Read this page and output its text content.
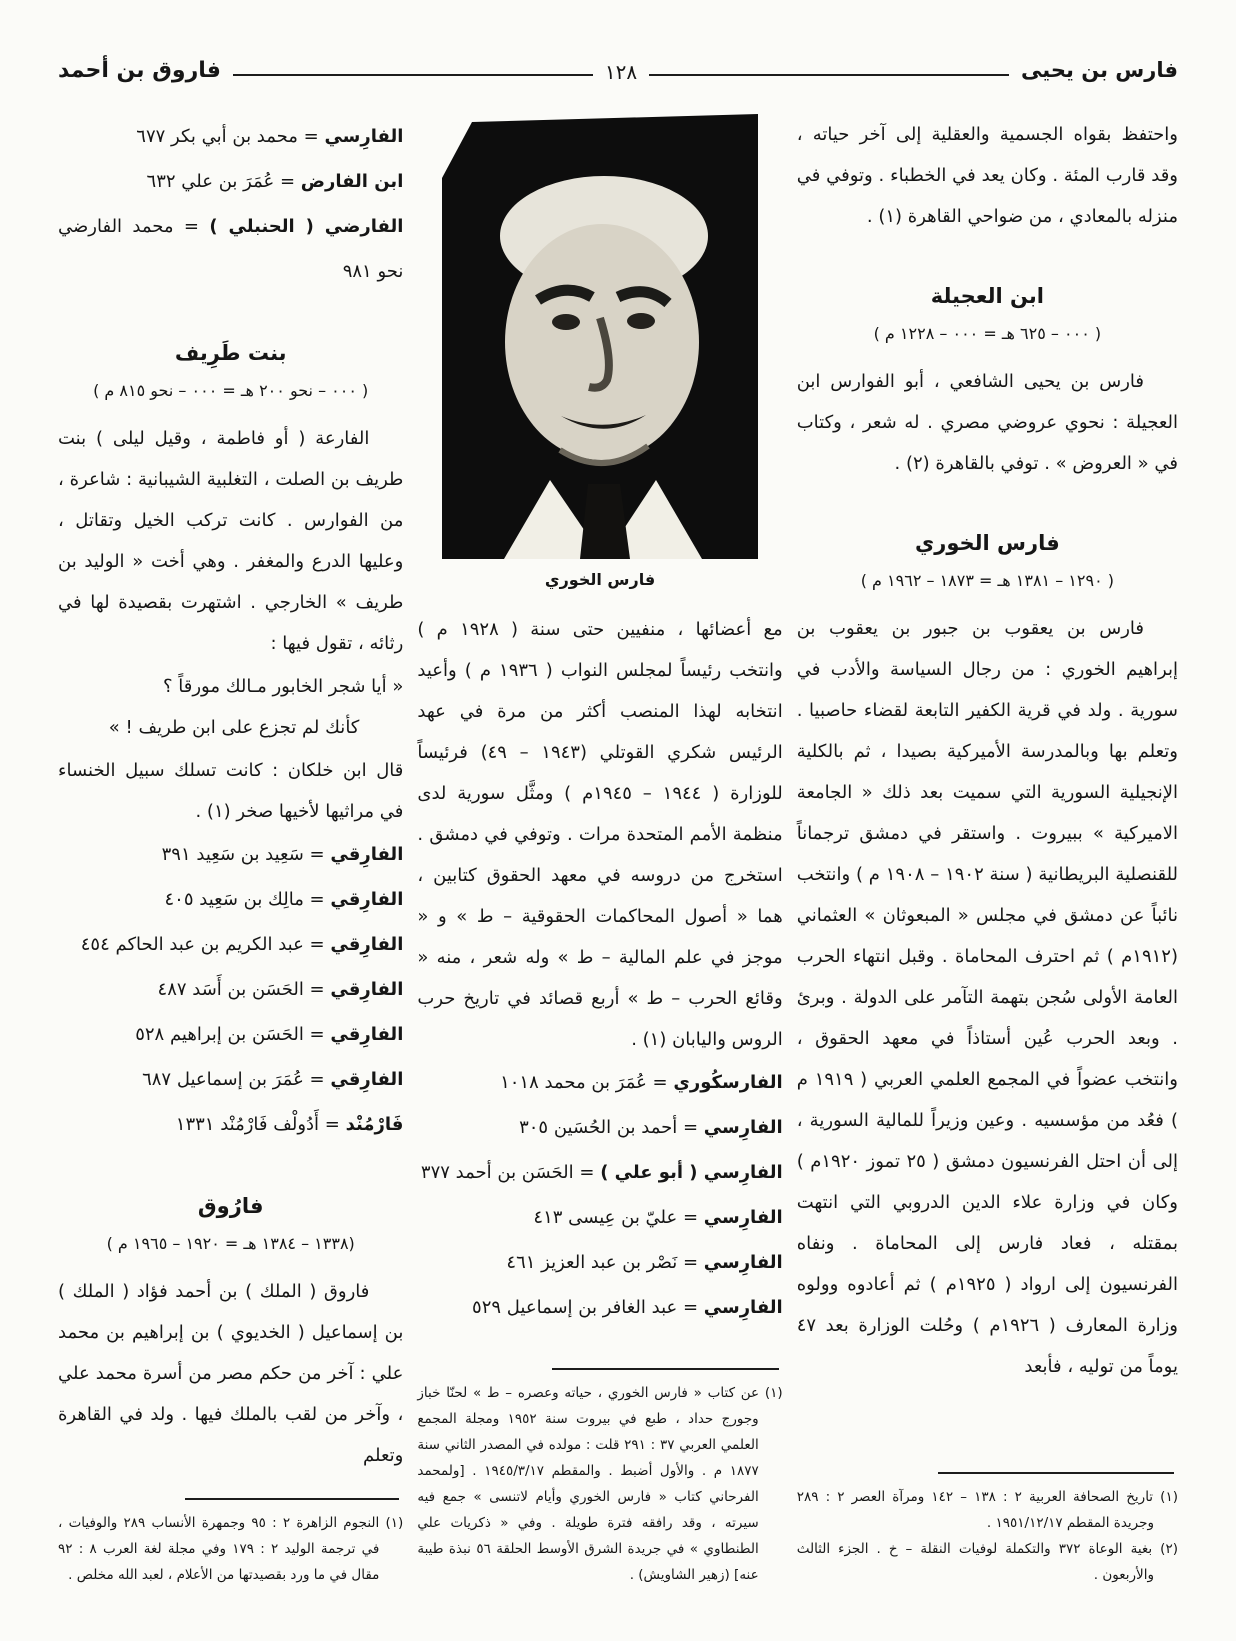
فارس بن يحيى
١٢٨
فاروق بن أحمد
واحتفظ بقواه الجسمية والعقلية إلى آخر حياته ، وقد قارب المئة . وكان يعد في الخطباء . وتوفي في منزله بالمعادي ، من ضواحي القاهرة (١) .
ابن العجيلة
( ٠٠٠ – ٦٢٥ هـ = ٠٠٠ – ١٢٢٨ م )
فارس بن يحيى الشافعي ، أبو الفوارس ابن العجيلة : نحوي عروضي مصري . له شعر ، وكتاب في « العروض » . توفي بالقاهرة (٢) .
فارس الخوري
( ١٢٩٠ – ١٣٨١ هـ = ١٨٧٣ – ١٩٦٢ م )
فارس بن يعقوب بن جبور بن يعقوب بن إبراهيم الخوري : من رجال السياسة والأدب في سورية . ولد في قرية الكفير التابعة لقضاء حاصبيا . وتعلم بها وبالمدرسة الأميركية بصيدا ، ثم بالكلية الإنجيلية السورية التي سميت بعد ذلك « الجامعة الاميركية » ببيروت . واستقر في دمشق ترجماناً للقنصلية البريطانية ( سنة ١٩٠٢ – ١٩٠٨ م ) وانتخب نائباً عن دمشق في مجلس « المبعوثان » العثماني (١٩١٢م ) ثم احترف المحاماة . وقبل انتهاء الحرب العامة الأولى سُجن بتهمة التآمر على الدولة . وبرئ . وبعد الحرب عُين أستاذاً في معهد الحقوق ، وانتخب عضواً في المجمع العلمي العربي ( ١٩١٩ م ) فعُد من مؤسسيه . وعين وزيراً للمالية السورية ، إلى أن احتل الفرنسيون دمشق ( ٢٥ تموز ١٩٢٠م ) وكان في وزارة علاء الدين الدروبي التي انتهت بمقتله ، فعاد فارس إلى المحاماة . ونفاه الفرنسيون إلى ارواد ( ١٩٢٥م ) ثم أعادوه وولوه وزارة المعارف ( ١٩٢٦م ) وحُلت الوزارة بعد ٤٧ يوماً من توليه ، فأبعد
(١) تاريخ الصحافة العربية ٢ : ١٣٨ – ١٤٢ ومرآة العصر ٢ : ٢٨٩ وجريدة المقطم ١٩٥١/١٢/١٧ .
(٢) بغية الوعاة ٣٧٢ والتكملة لوفيات النقلة – خ . الجزء الثالث والأربعون .
فارس الخوري
مع أعضائها ، منفيين حتى سنة ( ١٩٢٨ م ) وانتخب رئيساً لمجلس النواب ( ١٩٣٦ م ) وأعيد انتخابه لهذا المنصب أكثر من مرة في عهد الرئيس شكري القوتلي (١٩٤٣ – ٤٩) فرئيساً للوزارة ( ١٩٤٤ – ١٩٤٥م ) ومثَّل سورية لدى منظمة الأمم المتحدة مرات . وتوفي في دمشق . استخرج من دروسه في معهد الحقوق كتابين ، هما « أصول المحاكمات الحقوقية – ط » و « موجز في علم المالية – ط » وله شعر ، منه « وقائع الحرب – ط » أربع قصائد في تاريخ حرب الروس واليابان (١) .
الفارسكُوري = عُمَرَ بن محمد ١٠١٨
الفارِسي = أحمد بن الحُسَين ٣٠٥
الفارِسي ( أبو علي ) = الحَسَن بن أحمد ٣٧٧
الفارِسي = عليّ بن عِيسى ٤١٣
الفارِسي = نَصْر بن عبد العزيز ٤٦١
الفارِسي = عبد الغافر بن إسماعيل ٥٢٩
(١) عن كتاب « فارس الخوري ، حياته وعصره – ط » لحنّا خباز وجورج حداد ، طبع في بيروت سنة ١٩٥٢ ومجلة المجمع العلمي العربي ٣٧ : ٢٩١ قلت : مولده في المصدر الثاني سنة ١٨٧٧ م . والأول أضبط . والمقطم ١٩٤٥/٣/١٧ . [ولمحمد الفرحاني كتاب « فارس الخوري وأيام لاتنسى » جمع فيه سيرته ، وقد رافقه فترة طويلة . وفي « ذكريات علي الطنطاوي » في جريدة الشرق الأوسط الحلقة ٥٦ نبذة طيبة عنه] (زهير الشاويش) .
الفارِسي = محمد بن أبي بكر ٦٧٧
ابن الفارض = عُمَرَ بن علي ٦٣٢
الفارضي ( الحنبلي ) = محمد الفارضي نحو ٩٨١
بنت طَرِيف
( ٠٠٠ – نحو ٢٠٠ هـ = ٠٠٠ – نحو ٨١٥ م )
الفارعة ( أو فاطمة ، وقيل ليلى ) بنت طريف بن الصلت ، التغلبية الشيبانية : شاعرة ، من الفوارس . كانت تركب الخيل وتقاتل ، وعليها الدرع والمغفر . وهي أخت « الوليد بن طريف » الخارجي . اشتهرت بقصيدة لها في رثائه ، تقول فيها :
« أيا شجر الخابور مـالك مورقاً ؟
كأنك لم تجزع على ابن طريف ! »
قال ابن خلكان : كانت تسلك سبيل الخنساء في مراثيها لأخيها صخر (١) .
الفارِقي = سَعِيد بن سَعِيد ٣٩١
الفارِقي = مالِك بن سَعِيد ٤٠٥
الفارِقي = عبد الكريم بن عبد الحاكم ٤٥٤
الفارِقي = الحَسَن بن أَسَد ٤٨٧
الفارِقي = الحَسَن بن إبراهيم ٥٢٨
الفارِقي = عُمَرَ بن إسماعيل ٦٨٧
فَارْمُنْد = أَدُولْف فَارْمُنْد ١٣٣١
فارُوق
(١٣٣٨ – ١٣٨٤ هـ = ١٩٢٠ – ١٩٦٥ م )
فاروق ( الملك ) بن أحمد فؤاد ( الملك ) بن إسماعيل ( الخديوي ) بن إبراهيم بن محمد علي : آخر من حكم مصر من أسرة محمد علي ، وآخر من لقب بالملك فيها . ولد في القاهرة وتعلم
(١) النجوم الزاهرة ٢ : ٩٥ وجمهرة الأنساب ٢٨٩ والوفيات ، في ترجمة الوليد ٢ : ١٧٩ وفي مجلة لغة العرب ٨ : ٩٢ مقال في ما ورد بقصيدتها من الأعلام ، لعبد الله مخلص .
